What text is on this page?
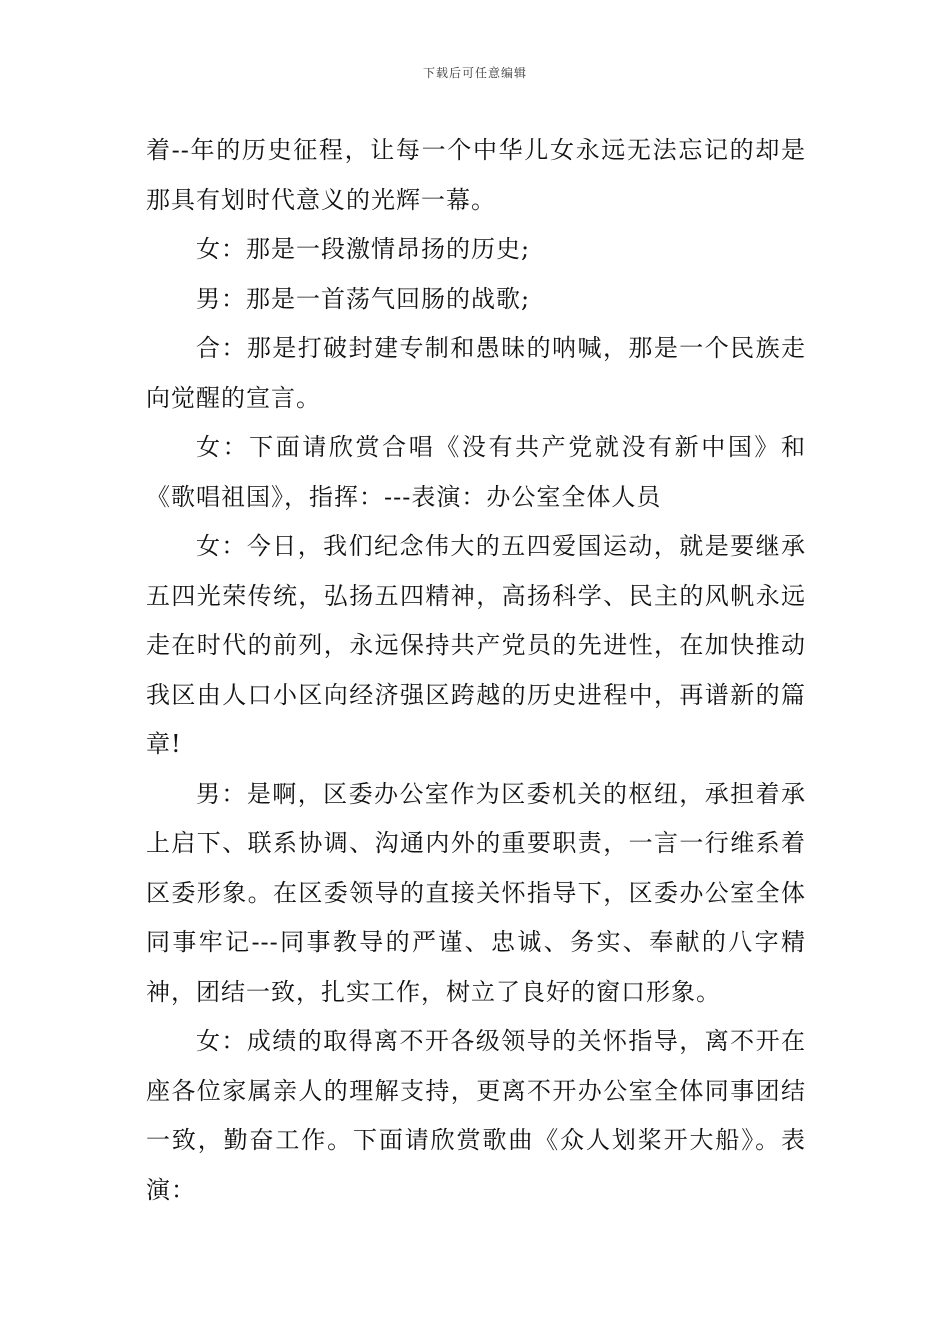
下载后可任意编辑

着--年的历史征程，让每一个中华儿女永远无法忘记的却是那具有划时代意义的光辉一幕。

女：那是一段激情昂扬的历史;

男：那是一首荡气回肠的战歌;

合：那是打破封建专制和愚昧的呐喊，那是一个民族走向觉醒的宣言。

女：下面请欣赏合唱《没有共产党就没有新中国》和《歌唱祖国》，指挥：---表演：办公室全体人员

女：今日，我们纪念伟大的五四爱国运动，就是要继承五四光荣传统，弘扬五四精神，高扬科学、民主的风帆永远走在时代的前列，永远保持共产党员的先进性，在加快推动我区由人口小区向经济强区跨越的历史进程中，再谱新的篇章!

男：是啊，区委办公室作为区委机关的枢纽，承担着承上启下、联系协调、沟通内外的重要职责，一言一行维系着区委形象。在区委领导的直接关怀指导下，区委办公室全体同事牢记---同事教导的严谨、忠诚、务实、奉献的八字精神，团结一致，扎实工作，树立了良好的窗口形象。

女：成绩的取得离不开各级领导的关怀指导，离不开在座各位家属亲人的理解支持，更离不开办公室全体同事团结一致，勤奋工作。下面请欣赏歌曲《众人划桨开大船》。表演：
